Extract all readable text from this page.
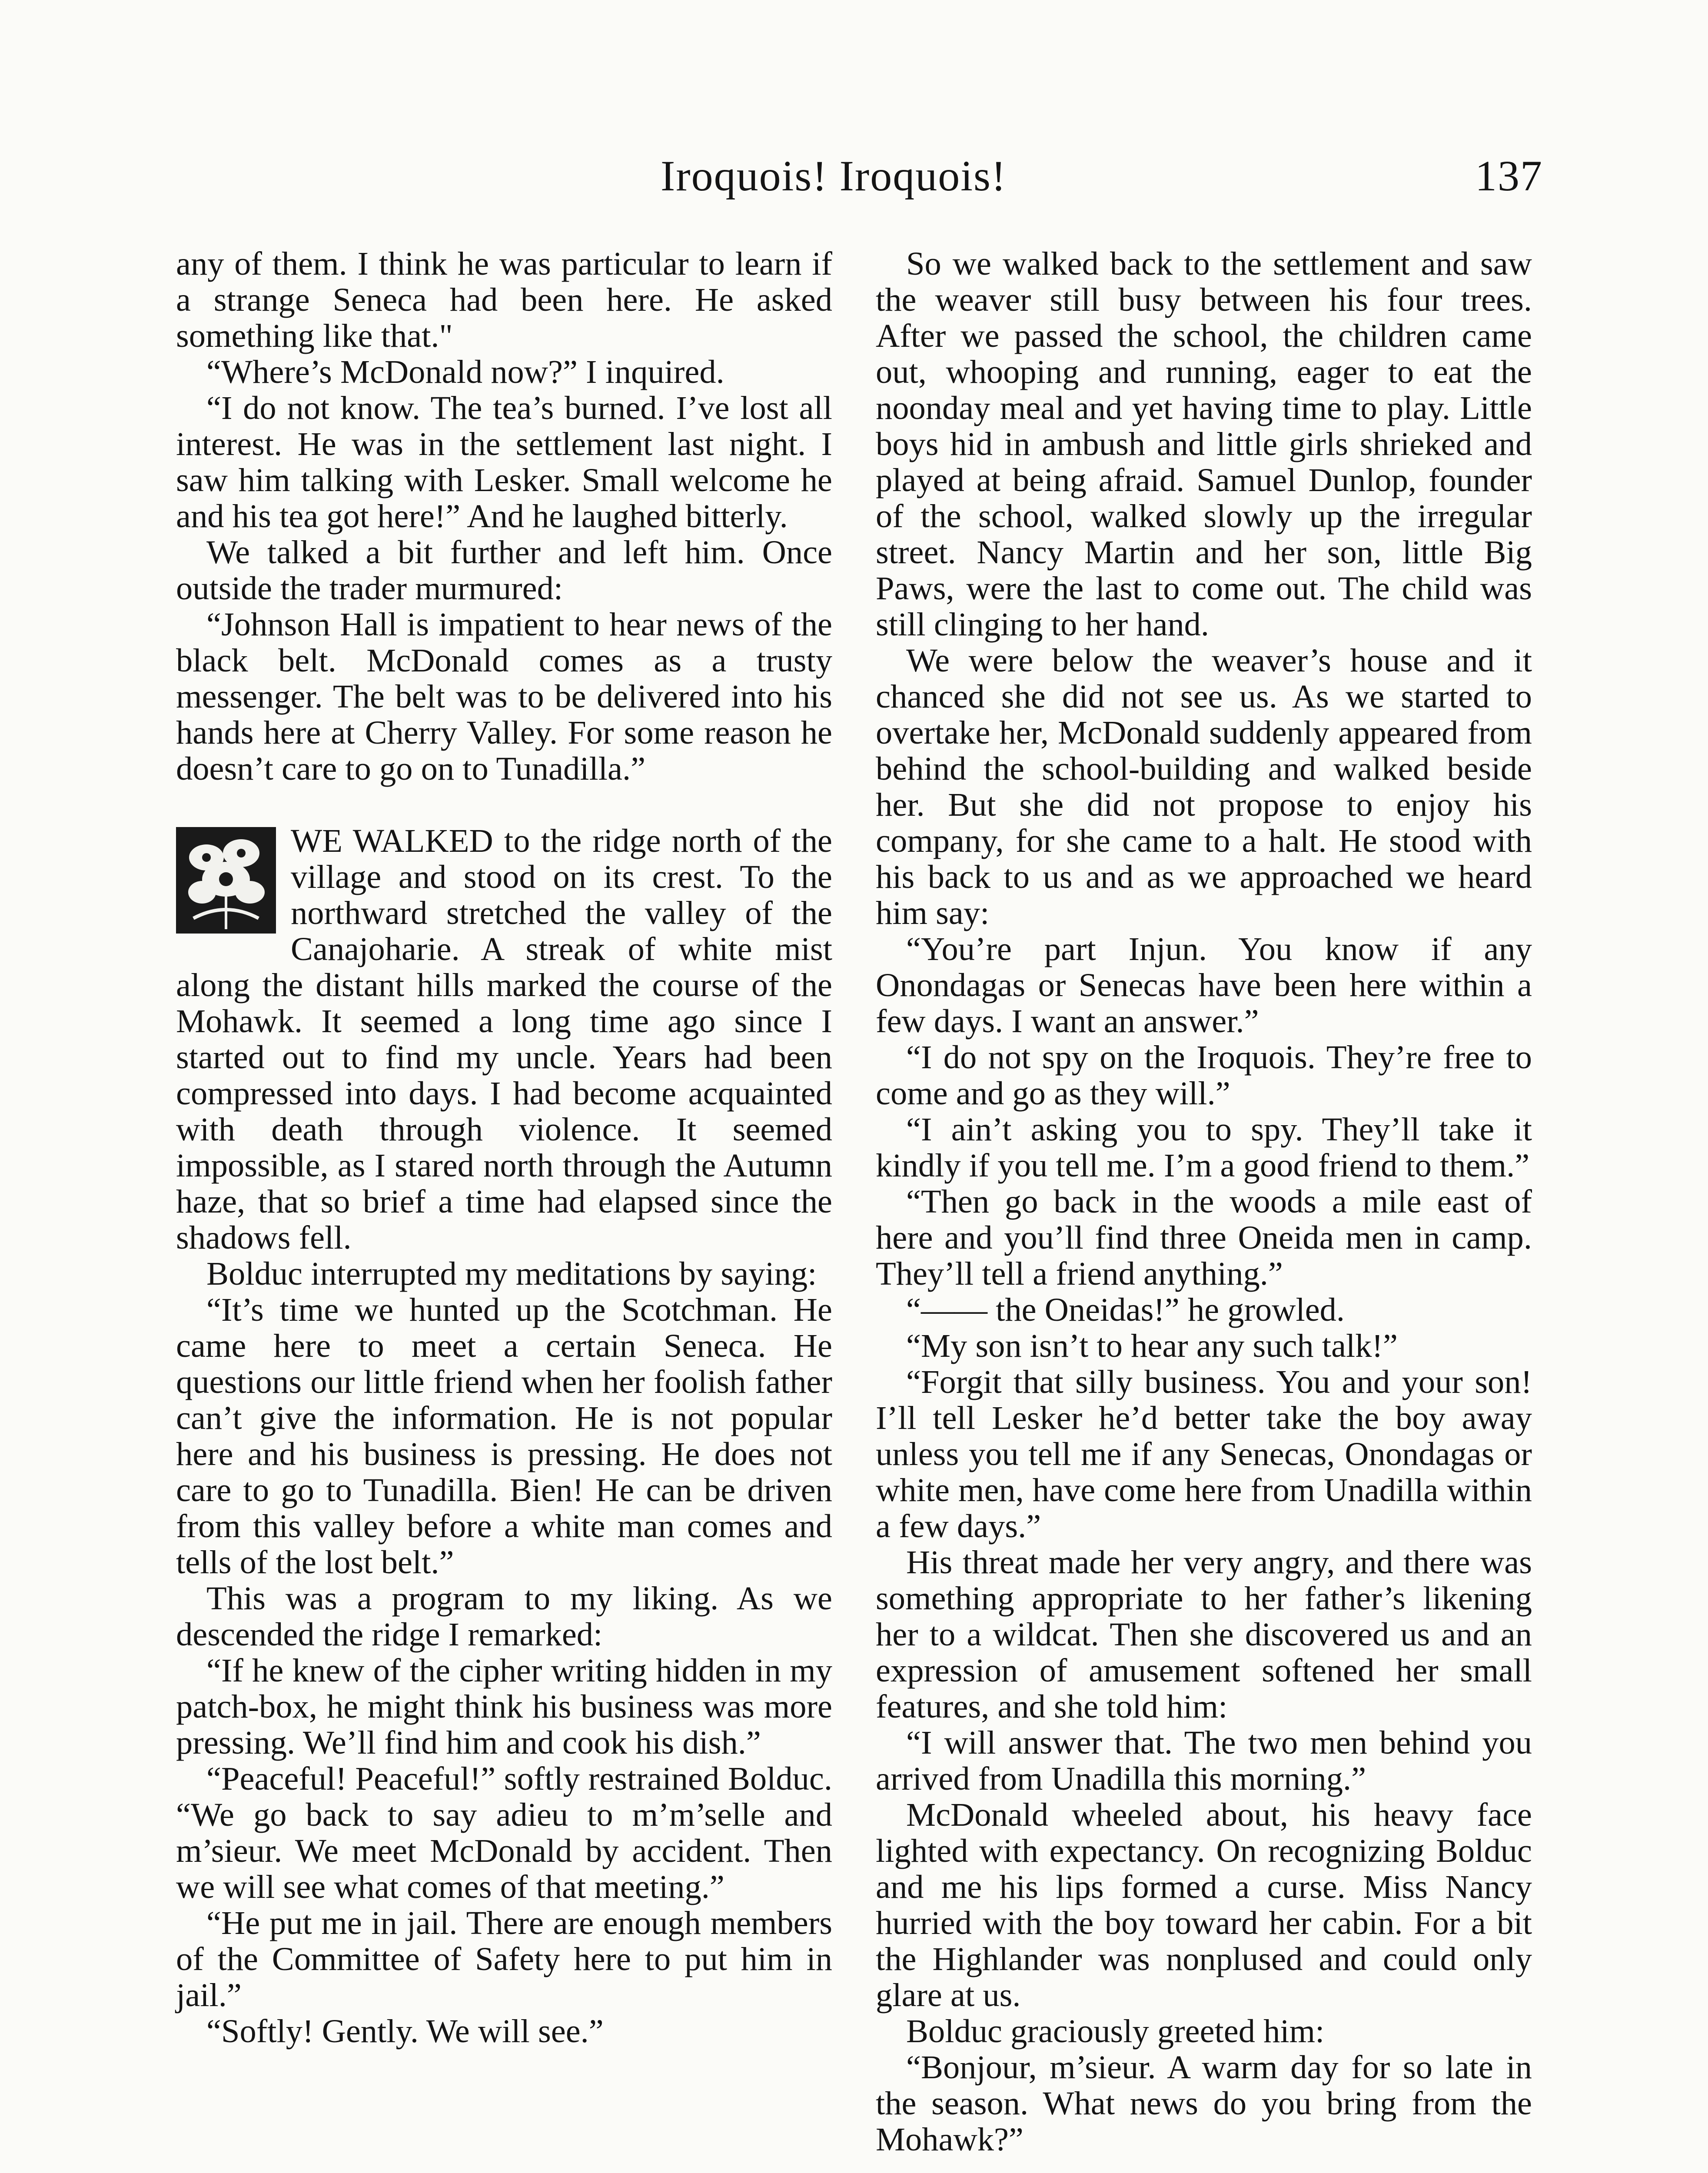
Iroquois! Iroquois!	137

any of them. I think he was particular to learn if a strange Seneca had been here. He asked something like that."

“Where’s McDonald now?” I inquired.

“I do not know. The tea’s burned. I’ve lost all interest. He was in the settlement last night. I saw him talking with Lesker. Small welcome he and his tea got here!” And he laughed bitterly.

We talked a bit further and left him. Once outside the trader murmured:

“Johnson Hall is impatient to hear news of the black belt. McDonald comes as a trusty messenger. The belt was to be delivered into his hands here at Cherry Valley. For some reason he doesn’t care to go on to Tunadilla.”

WE WALKED to the ridge north of the village and stood on its crest. To the northward stretched the valley of the Canajoharie. A streak of white mist along the distant hills marked the course of the Mohawk. It seemed a long time ago since I started out to find my uncle. Years had been compressed into days. I had become acquainted with death through violence. It seemed impossible, as I stared north through the Autumn haze, that so brief a time had elapsed since the shadows fell.

Bolduc interrupted my meditations by saying:

“It’s time we hunted up the Scotchman. He came here to meet a certain Seneca. He questions our little friend when her foolish father can’t give the information. He is not popular here and his business is pressing. He does not care to go to Tunadilla. Bien! He can be driven from this valley before a white man comes and tells of the lost belt.”

This was a program to my liking. As we descended the ridge I remarked:

“If he knew of the cipher writing hidden in my patch-box, he might think his business was more pressing. We’ll find him and cook his dish.”

“Peaceful! Peaceful!” softly restrained Bolduc. “We go back to say adieu to m’m’selle and m’sieur. We meet McDonald by accident. Then we will see what comes of that meeting.”

“He put me in jail. There are enough members of the Committee of Safety here to put him in jail.”

“Softly! Gently. We will see.”

So we walked back to the settlement and saw the weaver still busy between his four trees. After we passed the school, the children came out, whooping and running, eager to eat the noonday meal and yet having time to play. Little boys hid in ambush and little girls shrieked and played at being afraid. Samuel Dunlop, founder of the school, walked slowly up the irregular street. Nancy Martin and her son, little Big Paws, were the last to come out. The child was still clinging to her hand.

We were below the weaver’s house and it chanced she did not see us. As we started to overtake her, McDonald suddenly appeared from behind the school-building and walked beside her. But she did not propose to enjoy his company, for she came to a halt. He stood with his back to us and as we approached we heard him say:

“You’re part Injun. You know if any Onondagas or Senecas have been here within a few days. I want an answer.”

“I do not spy on the Iroquois. They’re free to come and go as they will.”

“I ain’t asking you to spy. They’ll take it kindly if you tell me. I’m a good friend to them.”

“Then go back in the woods a mile east of here and you’ll find three Oneida men in camp. They’ll tell a friend anything.”

“—— the Oneidas!” he growled.

“My son isn’t to hear any such talk!”

“Forgit that silly business. You and your son! I’ll tell Lesker he’d better take the boy away unless you tell me if any Senecas, Onondagas or white men, have come here from Unadilla within a few days.”

His threat made her very angry, and there was something appropriate to her father’s likening her to a wildcat. Then she discovered us and an expression of amusement softened her small features, and she told him:

“I will answer that. The two men behind you arrived from Unadilla this morning.”

McDonald wheeled about, his heavy face lighted with expectancy. On recognizing Bolduc and me his lips formed a curse. Miss Nancy hurried with the boy toward her cabin. For a bit the Highlander was nonplused and could only glare at us.

Bolduc graciously greeted him:

“Bonjour, m’sieur. A warm day for so late in the season. What news do you bring from the Mohawk?”
